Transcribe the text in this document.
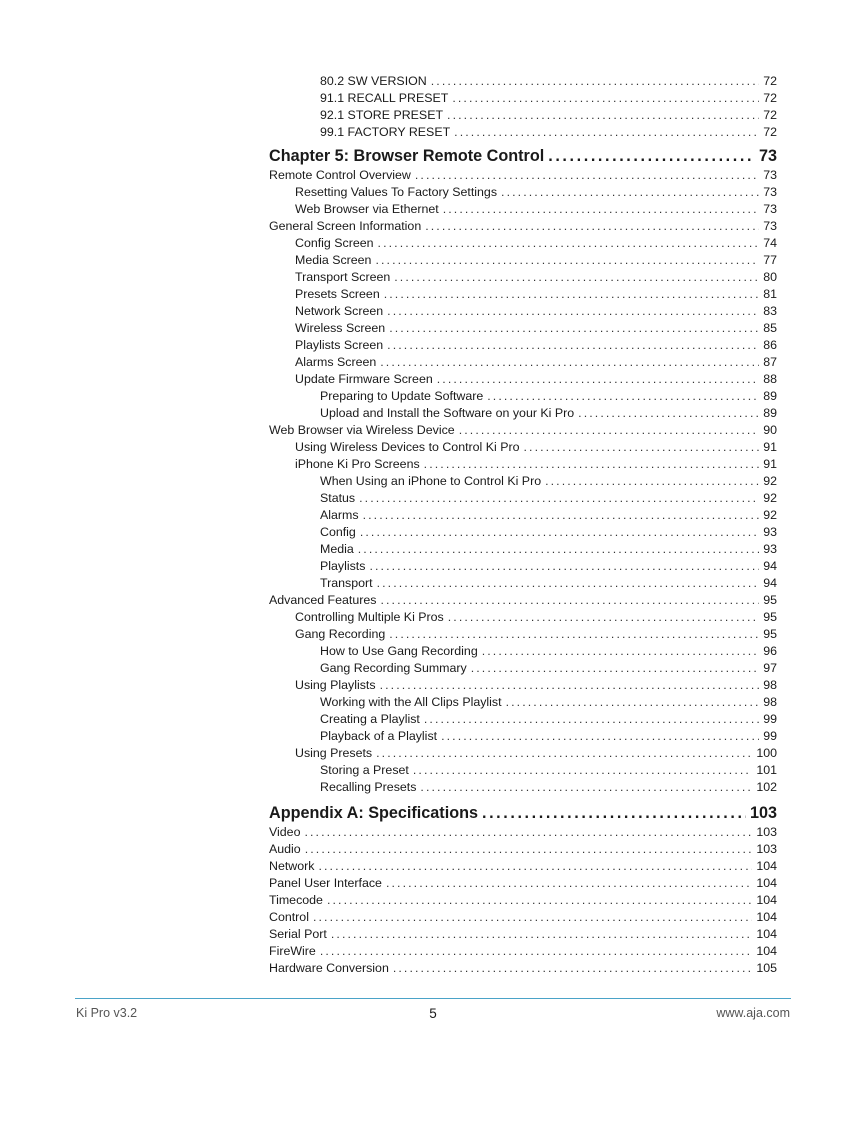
80.2 SW VERSION .....	72
91.1 RECALL PRESET .....	72
92.1 STORE PRESET .....	72
99.1 FACTORY RESET .....	72
Chapter 5: Browser Remote Control .....	73
Remote Control Overview .....	73
Resetting Values To Factory Settings .....	73
Web Browser via Ethernet .....	73
General Screen Information .....	73
Config Screen .....	74
Media Screen .....	77
Transport Screen .....	80
Presets Screen .....	81
Network Screen .....	83
Wireless Screen .....	85
Playlists Screen .....	86
Alarms Screen .....	87
Update Firmware Screen .....	88
Preparing to Update Software .....	89
Upload and Install the Software on your Ki Pro .....	89
Web Browser via Wireless Device .....	90
Using Wireless Devices to Control Ki Pro .....	91
iPhone Ki Pro Screens .....	91
When Using an iPhone to Control Ki Pro .....	92
Status .....	92
Alarms .....	92
Config .....	93
Media .....	93
Playlists .....	94
Transport .....	94
Advanced Features .....	95
Controlling Multiple Ki Pros .....	95
Gang Recording .....	95
How to Use Gang Recording .....	96
Gang Recording Summary .....	97
Using Playlists .....	98
Working with the All Clips Playlist .....	98
Creating a Playlist .....	99
Playback of a Playlist .....	99
Using Presets .....	100
Storing a Preset .....	101
Recalling Presets .....	102
Appendix A: Specifications .....	103
Video .....	103
Audio .....	103
Network .....	104
Panel User Interface .....	104
Timecode .....	104
Control .....	104
Serial Port .....	104
FireWire .....	104
Hardware Conversion .....	105
Ki Pro v3.2	5	www.aja.com
